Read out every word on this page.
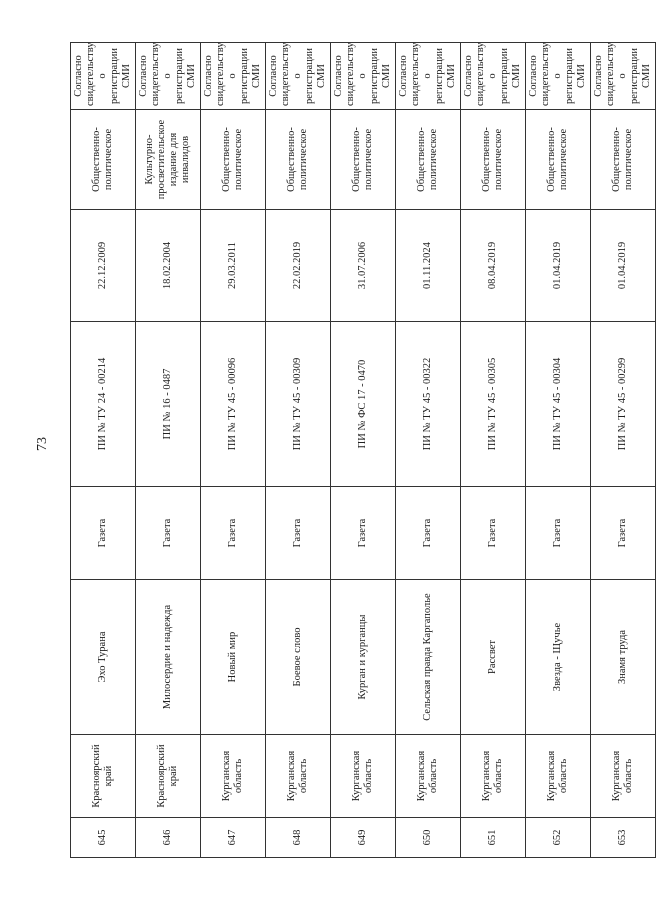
73
645	Красноярский край	Эхо Турана	Газета	ПИ № ТУ 24 - 00214	22.12.2009	Общественно-политическое	Согласно свидетельству о регистрации СМИ
646	Красноярский край	Милосердие и надежда	Газета	ПИ № 16 - 0487	18.02.2004	Культурно-просветительское издание для инвалидов	Согласно свидетельству о регистрации СМИ
647	Курганская область	Новый мир	Газета	ПИ № ТУ 45 - 00096	29.03.2011	Общественно-политическое	Согласно свидетельству о регистрации СМИ
648	Курганская область	Боевое слово	Газета	ПИ № ТУ 45 - 00309	22.02.2019	Общественно-политическое	Согласно свидетельству о регистрации СМИ
649	Курганская область	Курган и курганцы	Газета	ПИ № ФС 17 - 0470	31.07.2006	Общественно-политическое	Согласно свидетельству о регистрации СМИ
650	Курганская область	Сельская правда Каргаполье	Газета	ПИ № ТУ 45 - 00322	01.11.2024	Общественно-политическое	Согласно свидетельству о регистрации СМИ
651	Курганская область	Рассвет	Газета	ПИ № ТУ 45 - 00305	08.04.2019	Общественно-политическое	Согласно свидетельству о регистрации СМИ
652	Курганская область	Звезда - Щучье	Газета	ПИ № ТУ 45 - 00304	01.04.2019	Общественно-политическое	Согласно свидетельству о регистрации СМИ
653	Курганская область	Знамя труда	Газета	ПИ № ТУ 45 - 00299	01.04.2019	Общественно-политическое	Согласно свидетельству о регистрации СМИ
